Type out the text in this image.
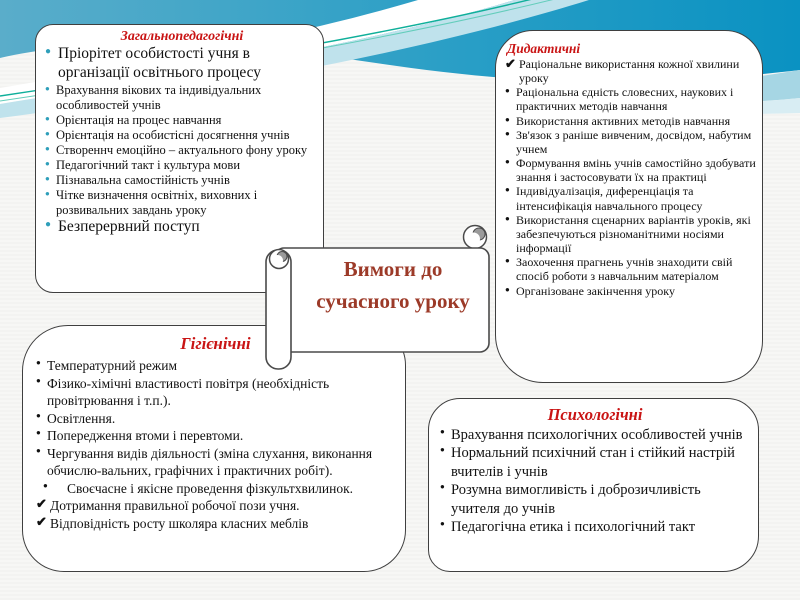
Загальнопедагогічні
● Пріорітет особистості учня в організації освітнього процесу
● Врахування вікових та індивідуальних особливостей учнів
● Орієнтація на процес навчання
● Орієнтація на особистісні досягнення учнів
● Створеннч емоційно – актуального фону уроку
● Педагогічний такт і культура мови
● Пізнавальна самостійність учнів
● Чітке визначення освітніх, виховних і розвивальних завдань уроку
● Безперервний поступ
Дидактичні
✔ Раціональне використання кожної хвилини уроку
● Раціональна єдність словесних, наукових і практичних методів навчання
● Використання активних методів навчання
● Зв'язок з раніше вивченим, досвідом, набутим учнем
● Формування вмінь учнів самостійно здобувати знання і застосовувати їх на практиці
● Індивідуалізація, диференціація та інтенсифікація навчального процесу
● Використання сценарних варіантів уроків, які забезпечуються різноманітними носіями інформації
● Заохочення прагнень учнів знаходити свій спосіб роботи з навчальним матеріалом
● Організоване закінчення уроку
Гігієнічні
● Температурний режим
● Фізико-хімічні властивості повітря (необхідність провітрювання і т.п.).
● Освітлення.
● Попередження втоми і перевтоми.
● Чергування видів діяльності (зміна слухання, виконання обчислю-вальних, графічних і практичних робіт).
●	Своєчасне і якісне проведення фізкультхвилинок.
✔ Дотримання правильної робочої пози учня.
✔ Відповідність росту школяра класних меблів
Психологічні
● Врахування психологічних особливостей учнів
● Нормальний психічний стан і стійкий настрій вчителів і учнів
● Розумна вимогливість і доброзичливість учителя до учнів
● Педагогічна етика і психологічний такт
Вимоги до сучасного уроку
